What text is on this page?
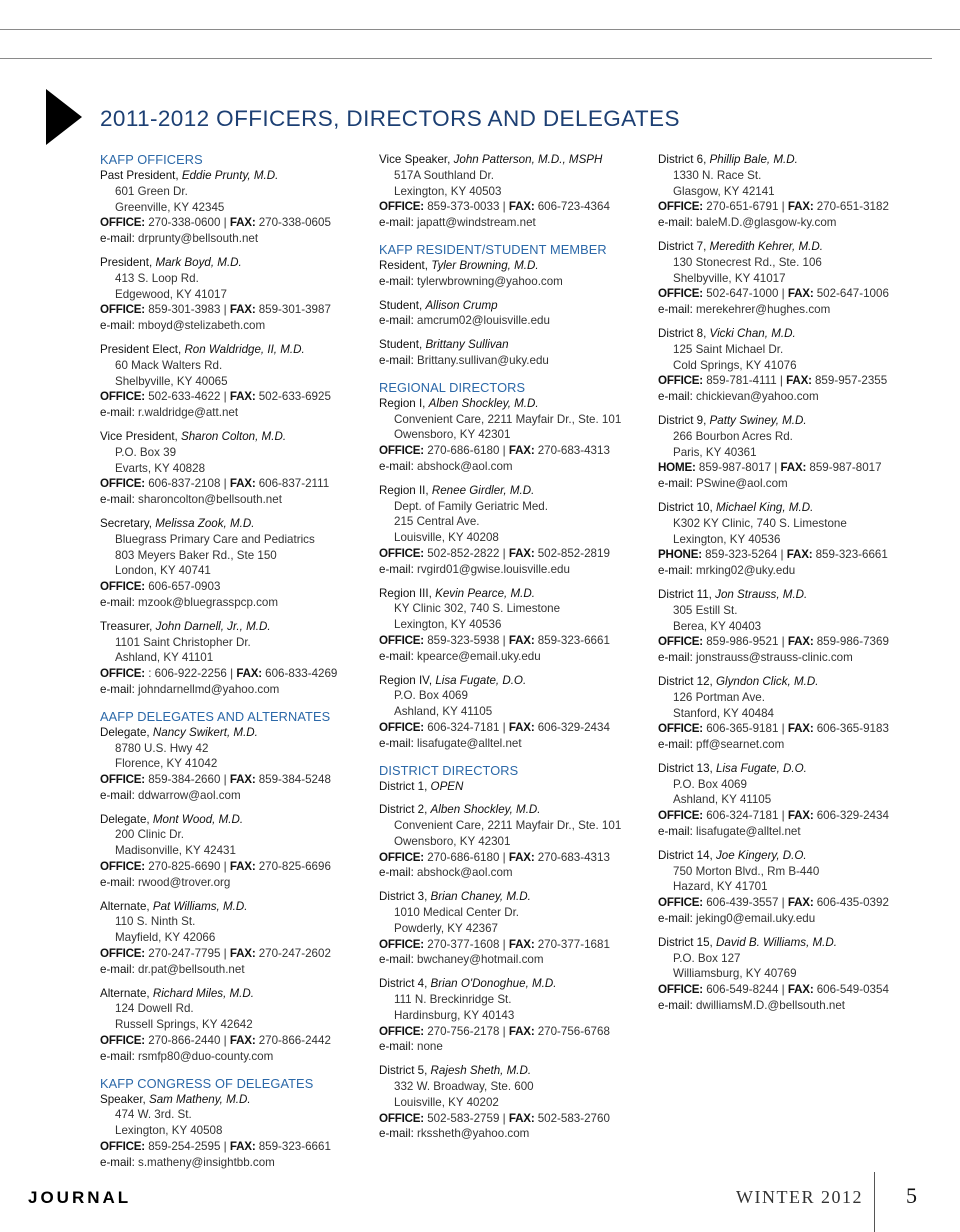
2011-2012 OFFICERS, DIRECTORS AND DELEGATES
KAFP OFFICERS
Past President, Eddie Prunty, M.D.
601 Green Dr.
Greenville, KY 42345
OFFICE: 270-338-0600 | FAX: 270-338-0605
e-mail: drprunty@bellsouth.net
President, Mark Boyd, M.D.
413 S. Loop Rd.
Edgewood, KY 41017
OFFICE: 859-301-3983 | FAX: 859-301-3987
e-mail: mboyd@stelizabeth.com
President Elect, Ron Waldridge, II, M.D.
60 Mack Walters Rd.
Shelbyville, KY 40065
OFFICE: 502-633-4622 | FAX: 502-633-6925
e-mail: r.waldridge@att.net
Vice President, Sharon Colton, M.D.
P.O. Box 39
Evarts, KY 40828
OFFICE: 606-837-2108 | FAX: 606-837-2111
e-mail: sharoncolton@bellsouth.net
Secretary, Melissa Zook, M.D.
Bluegrass Primary Care and Pediatrics
803 Meyers Baker Rd., Ste 150
London, KY 40741
OFFICE: 606-657-0903
e-mail: mzook@bluegrasspcp.com
Treasurer, John Darnell, Jr., M.D.
1101 Saint Christopher Dr.
Ashland, KY 41101
OFFICE: : 606-922-2256 | FAX: 606-833-4269
e-mail: johndarnellmd@yahoo.com
AAFP DELEGATES AND ALTERNATES
Delegate, Nancy Swikert, M.D.
8780 U.S. Hwy 42
Florence, KY 41042
OFFICE: 859-384-2660 | FAX: 859-384-5248
e-mail: ddwarrow@aol.com
Delegate, Mont Wood, M.D.
200 Clinic Dr.
Madisonville, KY 42431
OFFICE: 270-825-6690 | FAX: 270-825-6696
e-mail: rwood@trover.org
Alternate, Pat Williams, M.D.
110 S. Ninth St.
Mayfield, KY 42066
OFFICE: 270-247-7795 | FAX: 270-247-2602
e-mail: dr.pat@bellsouth.net
Alternate, Richard Miles, M.D.
124 Dowell Rd.
Russell Springs, KY 42642
OFFICE: 270-866-2440 | FAX: 270-866-2442
e-mail: rsmfp80@duo-county.com
KAFP CONGRESS OF DELEGATES
Speaker, Sam Matheny, M.D.
474 W. 3rd. St.
Lexington, KY 40508
OFFICE: 859-254-2595 | FAX: 859-323-6661
e-mail: s.matheny@insightbb.com
Vice Speaker, John Patterson, M.D., MSPH
517A Southland Dr.
Lexington, KY 40503
OFFICE: 859-373-0033 | FAX: 606-723-4364
e-mail: japatt@windstream.net
KAFP RESIDENT/STUDENT MEMBER
Resident, Tyler Browning, M.D.
e-mail: tylerwbrowning@yahoo.com
Student, Allison Crump
e-mail: amcrum02@louisville.edu
Student, Brittany Sullivan
e-mail: Brittany.sullivan@uky.edu
REGIONAL DIRECTORS
Region I, Alben Shockley, M.D.
Convenient Care, 2211 Mayfair Dr., Ste. 101
Owensboro, KY 42301
OFFICE: 270-686-6180 | FAX: 270-683-4313
e-mail: abshock@aol.com
Region II, Renee Girdler, M.D.
Dept. of Family Geriatric Med.
215 Central Ave.
Louisville, KY 40208
OFFICE: 502-852-2822 | FAX: 502-852-2819
e-mail: rvgird01@gwise.louisville.edu
Region III, Kevin Pearce, M.D.
KY Clinic 302, 740 S. Limestone
Lexington, KY 40536
OFFICE: 859-323-5938 | FAX: 859-323-6661
e-mail: kpearce@email.uky.edu
Region IV, Lisa Fugate, D.O.
P.O. Box 4069
Ashland, KY 41105
OFFICE: 606-324-7181 | FAX: 606-329-2434
e-mail: lisafugate@alltel.net
DISTRICT DIRECTORS
District 1, OPEN
District 2, Alben Shockley, M.D.
Convenient Care, 2211 Mayfair Dr., Ste. 101
Owensboro, KY 42301
OFFICE: 270-686-6180 | FAX: 270-683-4313
e-mail: abshock@aol.com
District 3, Brian Chaney, M.D.
1010 Medical Center Dr.
Powderly, KY 42367
OFFICE: 270-377-1608 | FAX: 270-377-1681
e-mail: bwchaney@hotmail.com
District 4, Brian O'Donoghue, M.D.
111 N. Breckinridge St.
Hardinsburg, KY 40143
OFFICE: 270-756-2178 | FAX: 270-756-6768
e-mail: none
District 5, Rajesh Sheth, M.D.
332 W. Broadway, Ste. 600
Louisville, KY 40202
OFFICE: 502-583-2759 | FAX: 502-583-2760
e-mail: rkssheth@yahoo.com
District 6, Phillip Bale, M.D.
1330 N. Race St.
Glasgow, KY 42141
OFFICE: 270-651-6791 | FAX: 270-651-3182
e-mail: baleM.D.@glasgow-ky.com
District 7, Meredith Kehrer, M.D.
130 Stonecrest Rd., Ste. 106
Shelbyville, KY 41017
OFFICE: 502-647-1000 | FAX: 502-647-1006
e-mail: merekehrer@hughes.com
District 8, Vicki Chan, M.D.
125 Saint Michael Dr.
Cold Springs, KY 41076
OFFICE: 859-781-4111 | FAX: 859-957-2355
e-mail: chickievan@yahoo.com
District 9, Patty Swiney, M.D.
266 Bourbon Acres Rd.
Paris, KY 40361
HOME: 859-987-8017 | FAX: 859-987-8017
e-mail: PSwine@aol.com
District 10, Michael King, M.D.
K302 KY Clinic, 740 S. Limestone
Lexington, KY 40536
PHONE: 859-323-5264 | FAX: 859-323-6661
e-mail: mrking02@uky.edu
District 11, Jon Strauss, M.D.
305 Estill St.
Berea, KY 40403
OFFICE: 859-986-9521 | FAX: 859-986-7369
e-mail: jonstrauss@strauss-clinic.com
District 12, Glyndon Click, M.D.
126 Portman Ave.
Stanford, KY 40484
OFFICE: 606-365-9181 | FAX: 606-365-9183
e-mail: pff@searnet.com
District 13, Lisa Fugate, D.O.
P.O. Box 4069
Ashland, KY 41105
OFFICE: 606-324-7181 | FAX: 606-329-2434
e-mail: lisafugate@alltel.net
District 14, Joe Kingery, D.O.
750 Morton Blvd., Rm B-440
Hazard, KY 41701
OFFICE: 606-439-3557 | FAX: 606-435-0392
e-mail: jeking0@email.uky.edu
District 15, David B. Williams, M.D.
P.O. Box 127
Williamsburg, KY 40769
OFFICE: 606-549-8244 | FAX: 606-549-0354
e-mail: dwilliamsM.D.@bellsouth.net
JOURNAL	WINTER 2012 5
